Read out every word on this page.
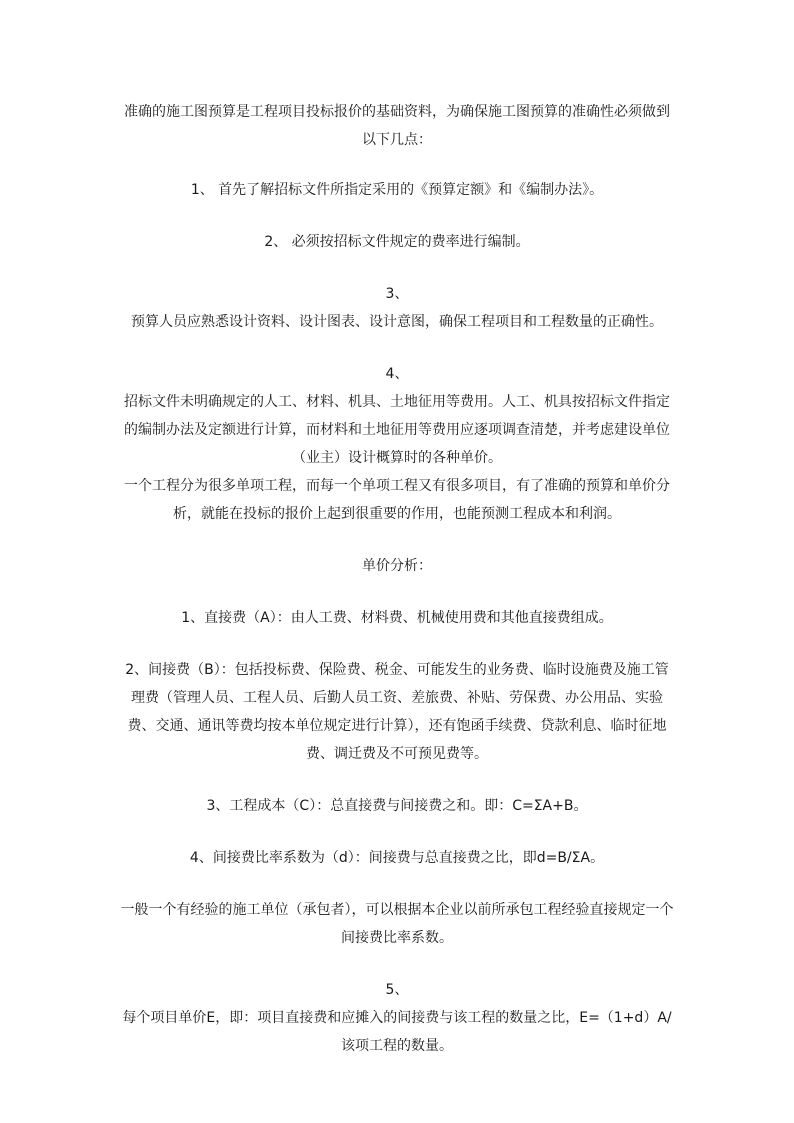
准确的施工图预算是工程项目投标报价的基础资料，为确保施工图预算的准确性必须做到以下几点：

1、 首先了解招标文件所指定采用的《预算定额》和《编制办法》。

2、 必须按招标文件规定的费率进行编制。

3、

预算人员应熟悉设计资料、设计图表、设计意图，确保工程项目和工程数量的正确性。

4、

招标文件未明确规定的人工、材料、机具、土地征用等费用。人工、机具按招标文件指定的编制办法及定额进行计算，而材料和土地征用等费用应逐项调查清楚，并考虑建设单位（业主）设计概算时的各种单价。

一个工程分为很多单项工程，而每一个单项工程又有很多项目，有了准确的预算和单价分析，就能在投标的报价上起到很重要的作用，也能预测工程成本和利润。

单价分析：

1、直接费（A）：由人工费、材料费、机械使用费和其他直接费组成。

2、间接费（B）：包括投标费、保险费、税金、可能发生的业务费、临时设施费及施工管理费（管理人员、工程人员、后勤人员工资、差旅费、补贴、劳保费、办公用品、实验费、交通、通讯等费均按本单位规定进行计算），还有饱函手续费、贷款利息、临时征地费、调迁费及不可预见费等。

3、工程成本（C）：总直接费与间接费之和。即：C=ΣA+B。

4、间接费比率系数为（d）：间接费与总直接费之比，即d=B/ΣA。

一般一个有经验的施工单位（承包者），可以根据本企业以前所承包工程经验直接规定一个间接费比率系数。

5、

每个项目单价E，即：项目直接费和应摊入的间接费与该工程的数量之比，E=（1+d）A/该项工程的数量。
